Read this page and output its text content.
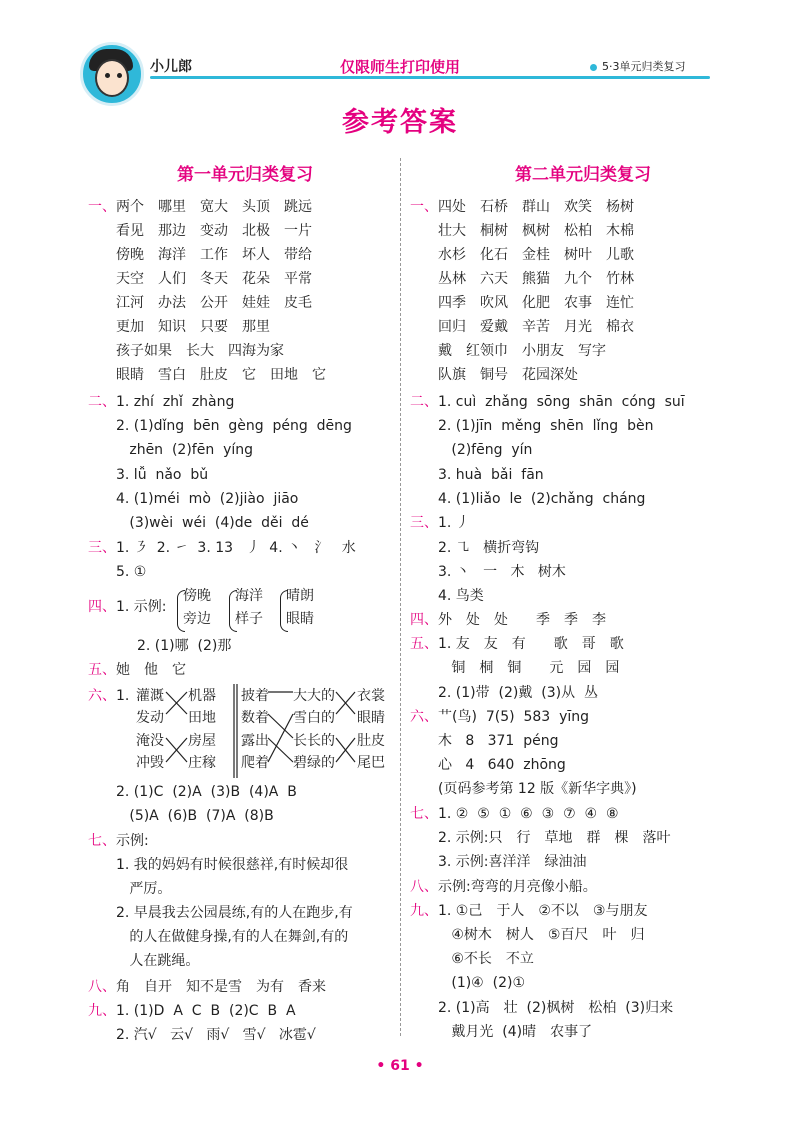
小儿郎	仅限师生打印使用	5·3单元归类复习
参考答案
第一单元归类复习
一、 两个　哪里　宽大　头顶　跳远
看见　那边　变动　北极　一片
傍晚　海洋　工作　坏人　带给
天空　人们　冬天　花朵　平常
江河　办法　公开　娃娃　皮毛
更加　知识　只要　那里
孩子如果　长大　四海为家
眼睛　雪白　肚皮　它　田地　它
二、 1. zhí  zhǐ  zhàng
2. (1)dǐng  bēn  gèng  péng  dēng
zhēn  (2)fēn  yíng
3. lǚ  nǎo  bǔ
4. (1)méi  mò  (2)jiào  jiāo
(3)wèi  wéi  (4)de  děi  dé
三、 1. ㇋  2. ㇀  3. 13   丿  4. 丶   氵   水
5. ①
四、 1. 示例:
傍晚
旁边
海洋
样子
晴朗
眼睛
2. (1)哪  (2)那
五、 她　他　它
六、 1. 灌溉
发动
淹没
冲毁
机器
田地
房屋
庄稼
披着
数着
露出
爬着
大大的
雪白的
长长的
碧绿的
衣裳
眼睛
肚皮
尾巴
2. (1)C  (2)A  (3)B  (4)A  B
(5)A  (6)B  (7)A  (8)B
七、 示例:
1. 我的妈妈有时候很慈祥,有时候却很
严厉。
2. 早晨我去公园晨练,有的人在跑步,有
的人在做健身操,有的人在舞剑,有的
人在跳绳。
八、 角　自开　知不是雪　为有　香来
九、 1. (1)D  A  C  B  (2)C  B  A
2. 汽√   云√   雨√   雪√   冰雹√
第二单元归类复习
一、 四处　石桥　群山　欢笑　杨树
壮大　桐树　枫树　松柏　木棉
水杉　化石　金桂　树叶　儿歌
丛林　六天　熊猫　九个　竹林
四季　吹风　化肥　农事　连忙
回归　爱戴　辛苦　月光　棉衣
戴　红领巾　小朋友　写字
队旗　铜号　花园深处
二、 1. cuì  zhǎng  sōng  shān  cóng  suī
2. (1)jīn  měng  shēn  lǐng  bèn
(2)fēng  yín
3. huà  bǎi  fān
4. (1)liǎo  le  (2)chǎng  cháng
三、 1. 丿
2. ㇈   横折弯钩
3. 丶   一   木   树木
4. 鸟类
四、 外　处　处　　季　季　李
五、 1. 友　友　有　　歌　哥　歌
铜　桐　铜　　元　园　园
2. (1)带  (2)戴  (3)从  丛
六、 艹(鸟)  7(5)  583  yīng
木   8   371  péng
心   4   640  zhōng
(页码参考第 12 版《新华字典》)
七、 1. ②  ⑤  ①  ⑥  ③  ⑦  ④  ⑧
2. 示例:只　行　草地　群　棵　落叶
3. 示例:喜洋洋　绿油油
八、 示例:弯弯的月亮像小船。
九、 1. ①己　于人　②不以　③与朋友
④树木　树人　⑤百尺　叶　归
⑥不长　不立
(1)④  (2)①
2. (1)高　壮  (2)枫树　松柏  (3)归来
戴月光  (4)晴　农事了
• 61 •
